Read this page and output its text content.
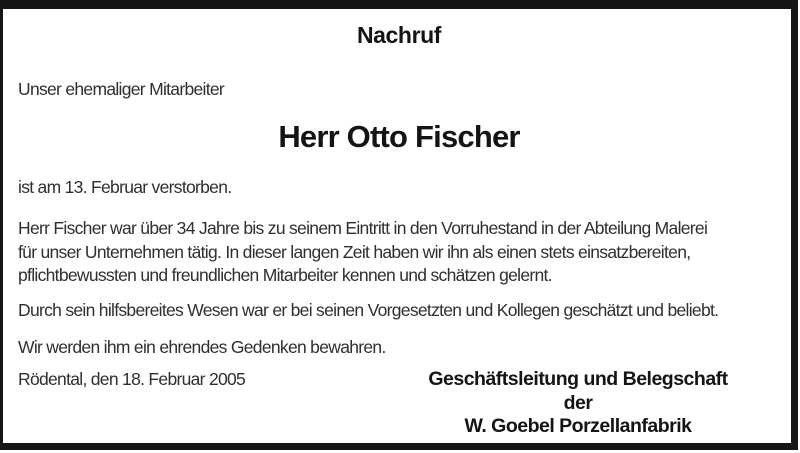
Nachruf
Unser ehemaliger Mitarbeiter
Herr Otto Fischer
ist am 13. Februar verstorben.
Herr Fischer war über 34 Jahre bis zu seinem Eintritt in den Vorruhestand in der Abteilung Malerei
für unser Unternehmen tätig. In dieser langen Zeit haben wir ihn als einen stets einsatzbereiten,
pflichtbewussten und freundlichen Mitarbeiter kennen und schätzen gelernt.
Durch sein hilfsbereites Wesen war er bei seinen Vorgesetzten und Kollegen geschätzt und beliebt.
Wir werden ihm ein ehrendes Gedenken bewahren.
Rödental, den 18. Februar 2005	Geschäftsleitung und Belegschaft
der
W. Goebel Porzellanfabrik
